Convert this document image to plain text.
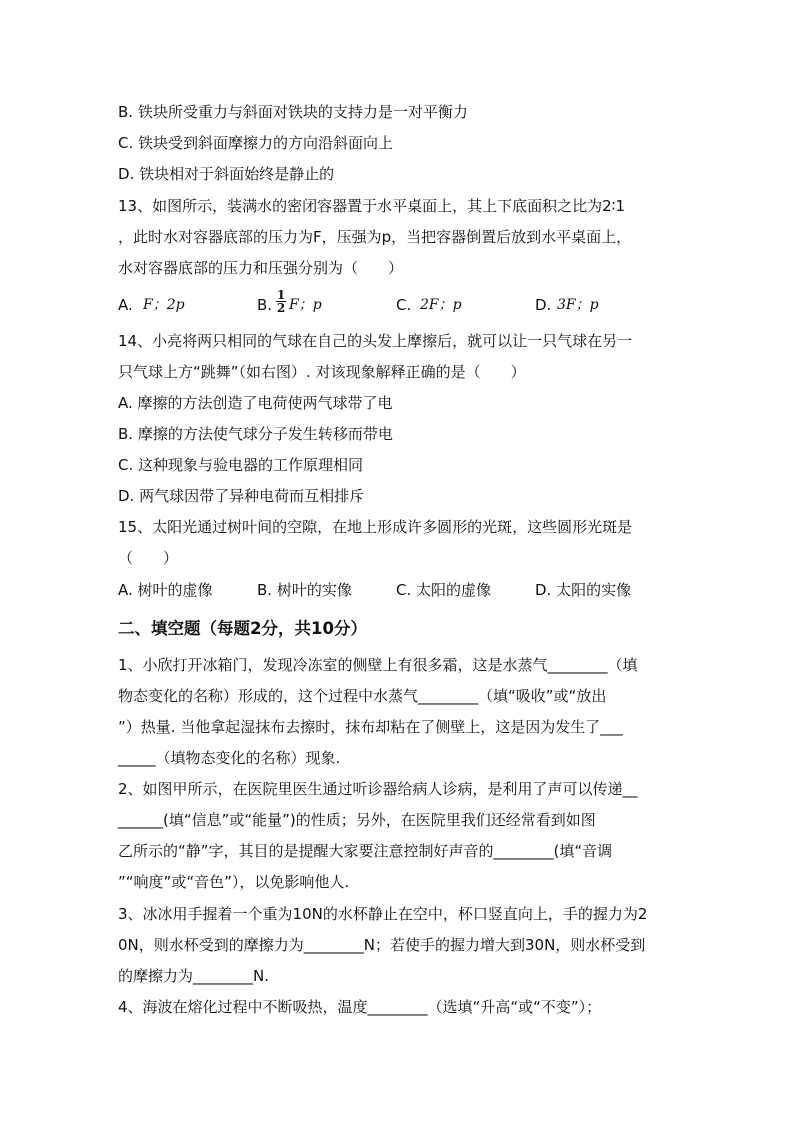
B. 铁块所受重力与斜面对铁块的支持力是一对平衡力
C. 铁块受到斜面摩擦力的方向沿斜面向上
D. 铁块相对于斜面始终是静止的
13、如图所示，装满水的密闭容器置于水平桌面上，其上下底面积之比为2∶1
，此时水对容器底部的压力为F，压强为p，当把容器倒置后放到水平桌面上，
水对容器底部的压力和压强分别为（　　）
A. F；2p	B. $\frac{1}{2}$ F；p	C. 2F；p	D. 3F；p
14、小亮将两只相同的气球在自己的头发上摩擦后，就可以让一只气球在另一
只气球上方“跳舞”（如右图）. 对该现象解释正确的是（　　）
A. 摩擦的方法创造了电荷使两气球带了电
B. 摩擦的方法使气球分子发生转移而带电
C. 这种现象与验电器的工作原理相同
D. 两气球因带了异种电荷而互相排斥
15、太阳光通过树叶间的空隙，在地上形成许多圆形的光斑，这些圆形光斑是
（　　）
A. 树叶的虚像	B. 树叶的实像	C. 太阳的虚像	D. 太阳的实像
二、填空题（每题2分，共10分）
1、小欣打开冰箱门，发现冷冻室的侧壁上有很多霜，这是水蒸气________（填
物态变化的名称）形成的，这个过程中水蒸气________（填“吸收”或“放出
”）热量. 当他拿起湿抹布去擦时，抹布却粘在了侧壁上，这是因为发生了___
_____（填物态变化的名称）现象.
2、如图甲所示，在医院里医生通过听诊器给病人诊病，是利用了声可以传递__
______(填“信息”或“能量”)的性质；另外，在医院里我们还经常看到如图
乙所示的“静”字，其目的是提醒大家要注意控制好声音的________(填“音调
”“响度”或“音色”），以免影响他人.
3、冰冰用手握着一个重为10N的水杯静止在空中，杯口竖直向上，手的握力为2
0N，则水杯受到的摩擦力为________N；若使手的握力增大到30N，则水杯受到
的摩擦力为________N.
4、海波在熔化过程中不断吸热，温度________（选填“升高“或“不变”）；
